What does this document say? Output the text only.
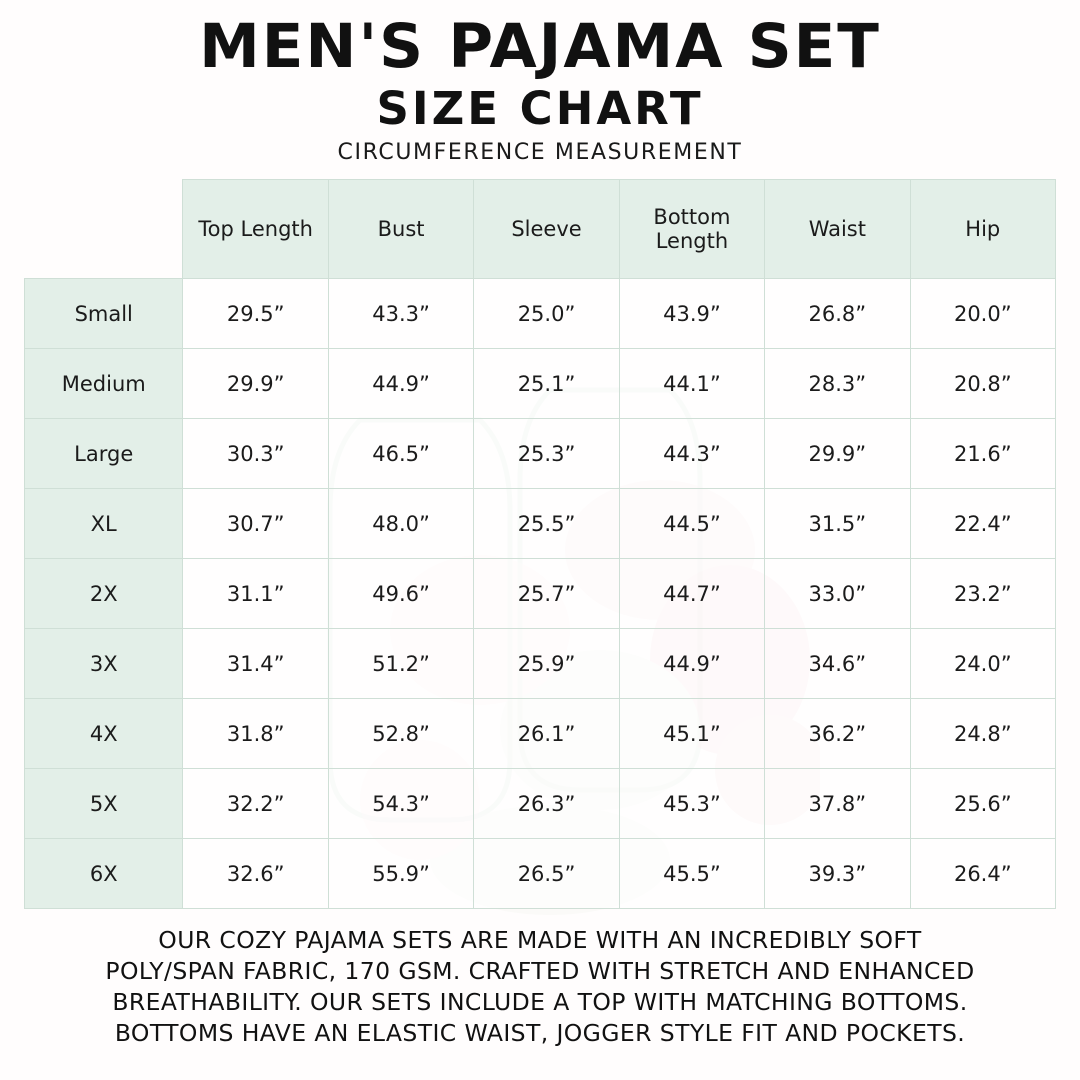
MEN'S PAJAMA SET
SIZE CHART
CIRCUMFERENCE MEASUREMENT
	Top Length	Bust	Sleeve	Bottom Length	Waist	Hip
Small	29.5”	43.3”	25.0”	43.9”	26.8”	20.0”
Medium	29.9”	44.9”	25.1”	44.1”	28.3”	20.8”
Large	30.3”	46.5”	25.3”	44.3”	29.9”	21.6”
XL	30.7”	48.0”	25.5”	44.5”	31.5”	22.4”
2X	31.1”	49.6”	25.7”	44.7”	33.0”	23.2”
3X	31.4”	51.2”	25.9”	44.9”	34.6”	24.0”
4X	31.8”	52.8”	26.1”	45.1”	36.2”	24.8”
5X	32.2”	54.3”	26.3”	45.3”	37.8”	25.6”
6X	32.6”	55.9”	26.5”	45.5”	39.3”	26.4”

OUR COZY PAJAMA SETS ARE MADE WITH AN INCREDIBLY SOFT

POLY/SPAN FABRIC, 170 GSM. CRAFTED WITH STRETCH AND ENHANCED

BREATHABILITY. OUR SETS INCLUDE A TOP WITH MATCHING BOTTOMS.

BOTTOMS HAVE AN ELASTIC WAIST, JOGGER STYLE FIT AND POCKETS.
